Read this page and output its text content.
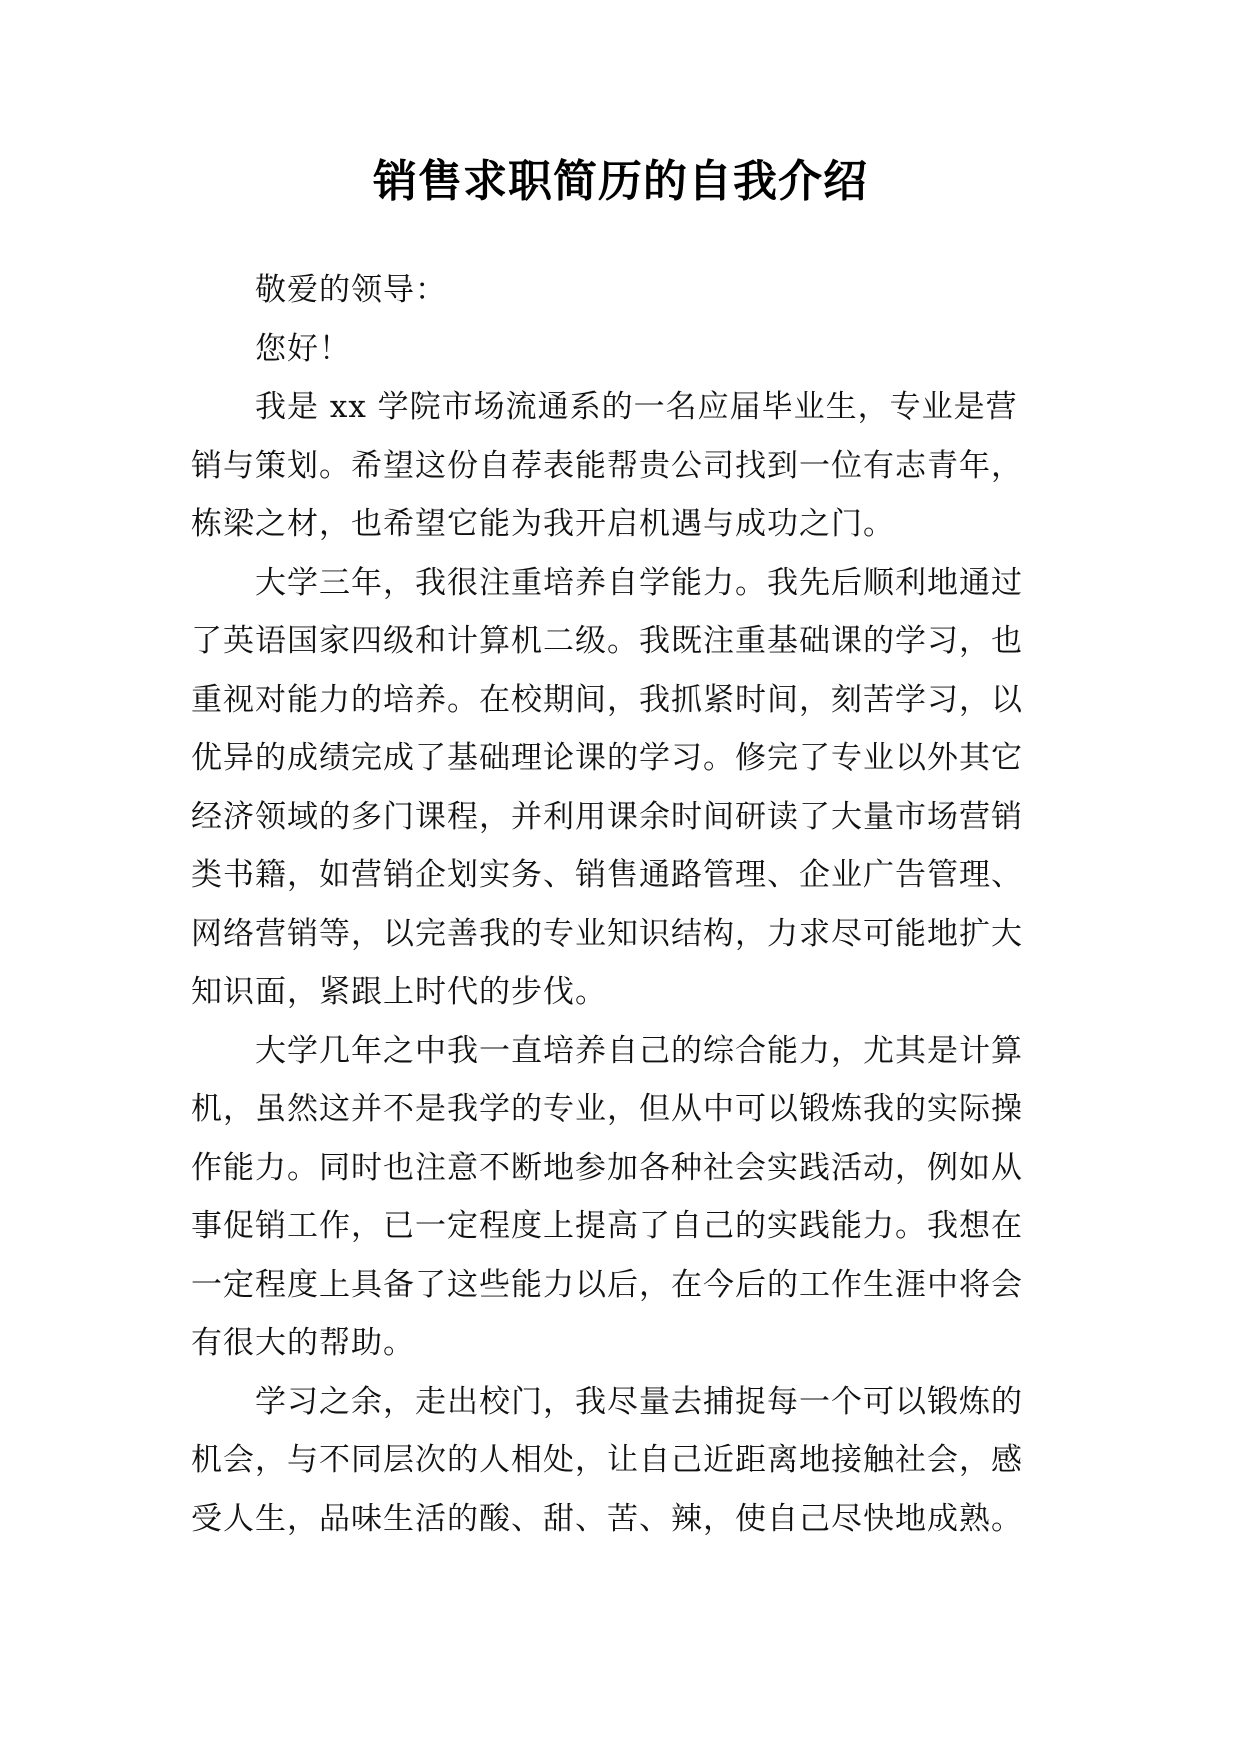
销售求职简历的自我介绍
敬爱的领导：
您好！
我是 xx 学院市场流通系的一名应届毕业生，专业是营
销与策划。希望这份自荐表能帮贵公司找到一位有志青年，
栋梁之材，也希望它能为我开启机遇与成功之门。
大学三年，我很注重培养自学能力。我先后顺利地通过
了英语国家四级和计算机二级。我既注重基础课的学习，也
重视对能力的培养。在校期间，我抓紧时间，刻苦学习，以
优异的成绩完成了基础理论课的学习。修完了专业以外其它
经济领域的多门课程，并利用课余时间研读了大量市场营销
类书籍，如营销企划实务、销售通路管理、企业广告管理、
网络营销等，以完善我的专业知识结构，力求尽可能地扩大
知识面，紧跟上时代的步伐。
大学几年之中我一直培养自己的综合能力，尤其是计算
机，虽然这并不是我学的专业，但从中可以锻炼我的实际操
作能力。同时也注意不断地参加各种社会实践活动，例如从
事促销工作，已一定程度上提高了自己的实践能力。我想在
一定程度上具备了这些能力以后，在今后的工作生涯中将会
有很大的帮助。
学习之余，走出校门，我尽量去捕捉每一个可以锻炼的
机会，与不同层次的人相处，让自己近距离地接触社会，感
受人生，品味生活的酸、甜、苦、辣，使自己尽快地成熟。
